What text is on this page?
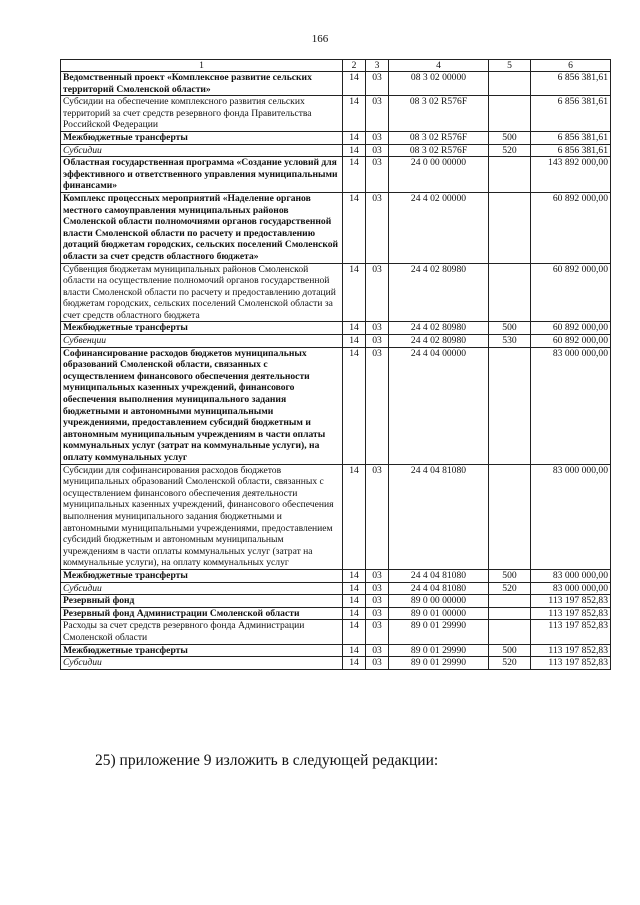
166
1	2	3	4	5	6
Ведомственный проект «Комплексное развитие сельских территорий Смоленской области»	14	03	08 3 02 00000		6 856 381,61
Субсидии на обеспечение комплексного развития сельских территорий за счет средств резервного фонда Правительства Российской Федерации	14	03	08 3 02 R576F		6 856 381,61
Межбюджетные трансферты	14	03	08 3 02 R576F	500	6 856 381,61
Субсидии	14	03	08 3 02 R576F	520	6 856 381,61
Областная государственная программа «Создание условий для эффективного и ответственного управления муниципальными финансами»	14	03	24 0 00 00000		143 892 000,00
Комплекс процессных мероприятий «Наделение органов местного самоуправления муниципальных районов Смоленской области полномочиями органов государственной власти Смоленской области по расчету и предоставлению дотаций бюджетам городских, сельских поселений Смоленской области за счет средств областного бюджета»	14	03	24 4 02 00000		60 892 000,00
Субвенция бюджетам муниципальных районов Смоленской области на осуществление полномочий органов государственной власти Смоленской области по расчету и предоставлению дотаций бюджетам городских, сельских поселений Смоленской области за счет средств областного бюджета	14	03	24 4 02 80980		60 892 000,00
Межбюджетные трансферты	14	03	24 4 02 80980	500	60 892 000,00
Субвенции	14	03	24 4 02 80980	530	60 892 000,00
Софинансирование расходов бюджетов муниципальных образований Смоленской области, связанных с осуществлением финансового обеспечения деятельности муниципальных казенных учреждений, финансового обеспечения выполнения муниципального задания бюджетными и автономными муниципальными учреждениями, предоставлением субсидий бюджетным и автономным муниципальным учреждениям в части оплаты коммунальных услуг (затрат на коммунальные услуги), на оплату коммунальных услуг	14	03	24 4 04 00000		83 000 000,00
Субсидии для софинансирования расходов бюджетов муниципальных образований Смоленской области, связанных с осуществлением финансового обеспечения деятельности муниципальных казенных учреждений, финансового обеспечения выполнения муниципального задания бюджетными и автономными муниципальными учреждениями, предоставлением субсидий бюджетным и автономным муниципальным учреждениям в части оплаты коммунальных услуг (затрат на коммунальные услуги), на оплату коммунальных услуг	14	03	24 4 04 81080		83 000 000,00
Межбюджетные трансферты	14	03	24 4 04 81080	500	83 000 000,00
Субсидии	14	03	24 4 04 81080	520	83 000 000,00
Резервный фонд	14	03	89 0 00 00000		113 197 852,83
Резервный фонд Администрации Смоленской области	14	03	89 0 01 00000		113 197 852,83
Расходы за счет средств резервного фонда Администрации Смоленской области	14	03	89 0 01 29990		113 197 852,83
Межбюджетные трансферты	14	03	89 0 01 29990	500	113 197 852,83
Субсидии	14	03	89 0 01 29990	520	113 197 852,83
25) приложение 9 изложить в следующей редакции:
